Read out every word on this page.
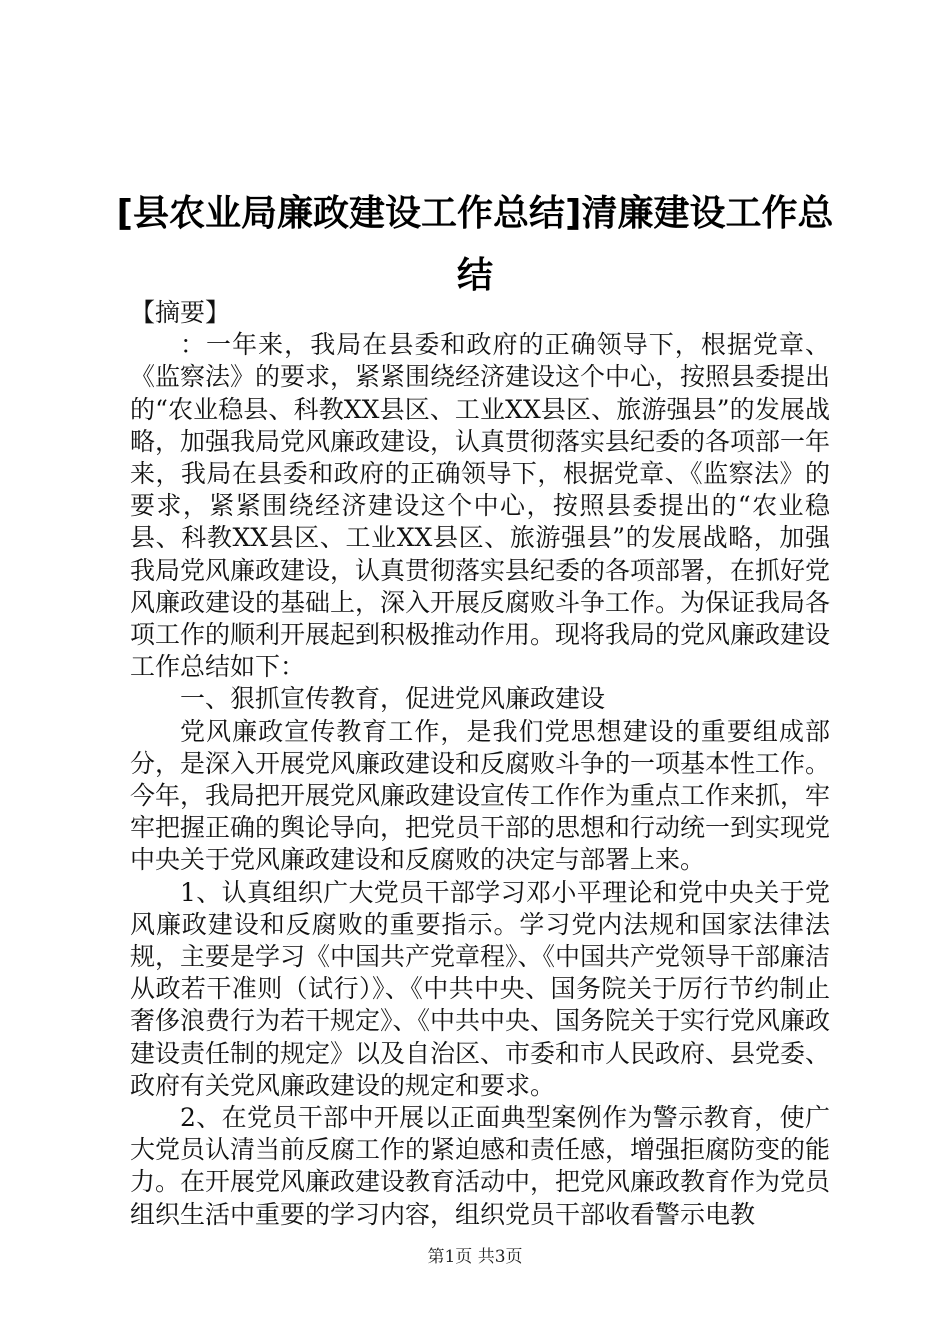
[县农业局廉政建设工作总结]清廉建设工作总结

【摘要】

：一年来，我局在县委和政府的正确领导下，根据党章、《监察法》的要求，紧紧围绕经济建设这个中心，按照县委提出的“农业稳县、科教XX县区、工业XX县区、旅游强县”的发展战略，加强我局党风廉政建设，认真贯彻落实县纪委的各项部一年来，我局在县委和政府的正确领导下，根据党章、《监察法》的要求，紧紧围绕经济建设这个中心，按照县委提出的“农业稳县、科教XX县区、工业XX县区、旅游强县”的发展战略，加强我局党风廉政建设，认真贯彻落实县纪委的各项部署，在抓好党风廉政建设的基础上，深入开展反腐败斗争工作。为保证我局各项工作的顺利开展起到积极推动作用。现将我局的党风廉政建设工作总结如下：

一、狠抓宣传教育，促进党风廉政建设

党风廉政宣传教育工作，是我们党思想建设的重要组成部分，是深入开展党风廉政建设和反腐败斗争的一项基本性工作。今年，我局把开展党风廉政建设宣传工作作为重点工作来抓，牢牢把握正确的舆论导向，把党员干部的思想和行动统一到实现党中央关于党风廉政建设和反腐败的决定与部署上来。

1、认真组织广大党员干部学习邓小平理论和党中央关于党风廉政建设和反腐败的重要指示。学习党内法规和国家法律法规，主要是学习《中国共产党章程》、《中国共产党领导干部廉洁从政若干准则（试行）》、《中共中央、国务院关于厉行节约制止奢侈浪费行为若干规定》、《中共中央、国务院关于实行党风廉政建设责任制的规定》以及自治区、市委和市人民政府、县党委、政府有关党风廉政建设的规定和要求。

2、在党员干部中开展以正面典型案例作为警示教育，使广大党员认清当前反腐工作的紧迫感和责任感，增强拒腐防变的能力。在开展党风廉政建设教育活动中，把党风廉政教育作为党员组织生活中重要的学习内容，组织党员干部收看警示电教

第1页 共3页
